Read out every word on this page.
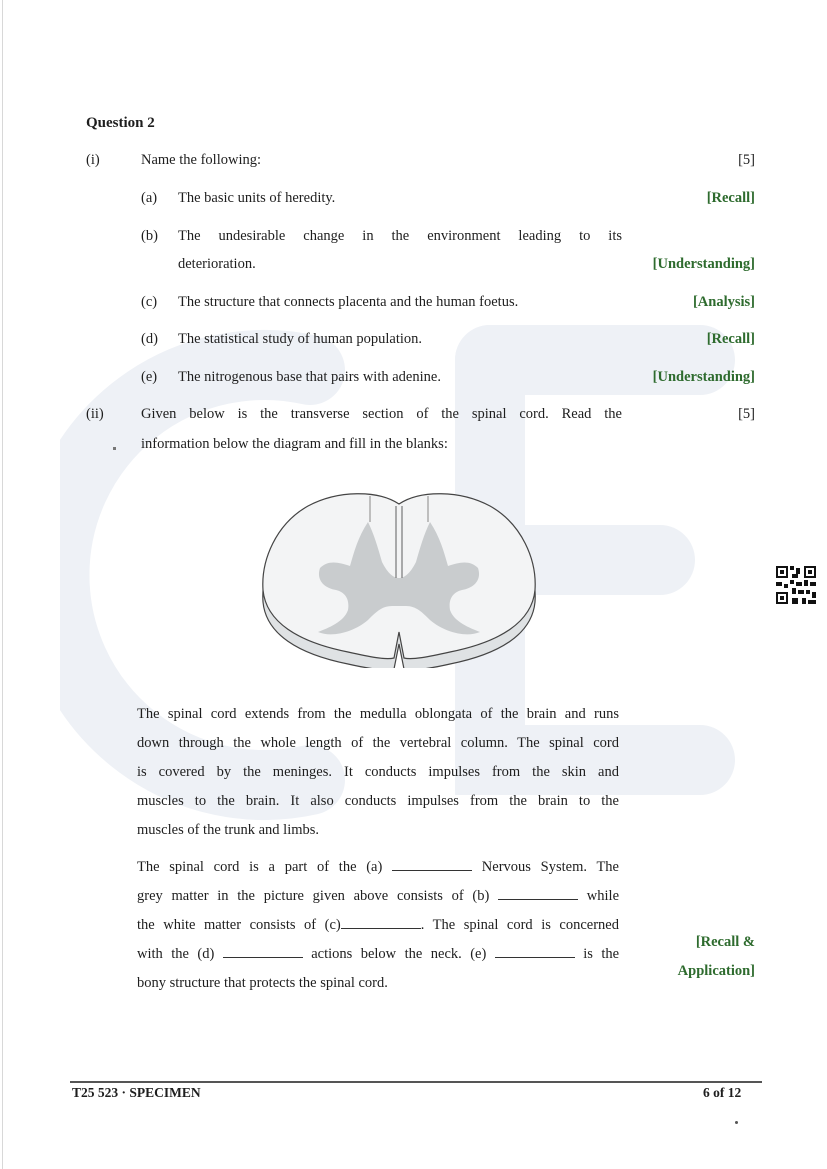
Question 2
(i)	Name the following:	[5]
(a) The basic units of heredity.	[Recall]
(b) The undesirable change in the environment leading to its
deterioration.	[Understanding]
(c) The structure that connects placenta and the human foetus.	[Analysis]
(d) The statistical study of human population.	[Recall]
(e) The nitrogenous base that pairs with adenine.	[Understanding]
(ii)	Given below is the transverse section of the spinal cord. Read the
information below the diagram and fill in the blanks:
[5]
The spinal cord extends from the medulla oblongata of the brain and runs
down through the whole length of the vertebral column. The spinal cord
is covered by the meninges. It conducts impulses from the skin and
muscles to the brain. It also conducts impulses from the brain to the
muscles of the trunk and limbs.
The spinal cord is a part of the (a)	Nervous System. The
grey matter in the picture given above consists of (b)	while
the white matter consists of (c)	. The spinal cord is concerned
with the (d)	actions below the neck. (e)	is the
bony structure that protects the spinal cord.
[Recall &
Application]
T25 523 · SPECIMEN	6 of 12
